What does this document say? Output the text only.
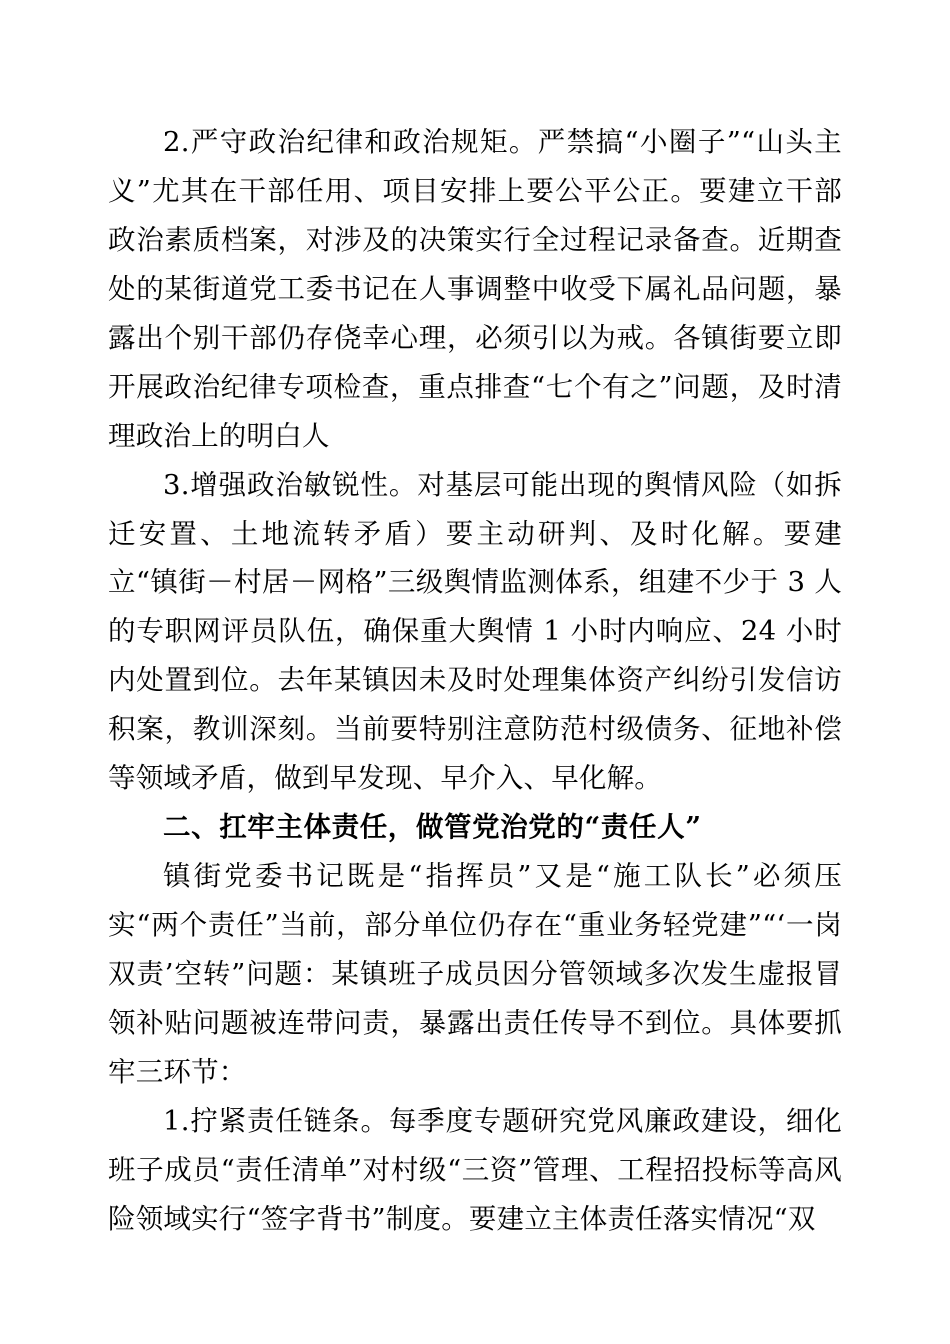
2.严守政治纪律和政治规矩。严禁搞“小圈子”“山头主义”尤其在干部任用、项目安排上要公平公正。要建立干部政治素质档案，对涉及的决策实行全过程记录备查。近期查处的某街道党工委书记在人事调整中收受下属礼品问题，暴露出个别干部仍存侥幸心理，必须引以为戒。各镇街要立即开展政治纪律专项检查，重点排查“七个有之”问题，及时清理政治上的明白人

3.增强政治敏锐性。对基层可能出现的舆情风险（如拆迁安置、土地流转矛盾）要主动研判、及时化解。要建立“镇街－村居－网格”三级舆情监测体系，组建不少于 3 人的专职网评员队伍，确保重大舆情 1 小时内响应、24 小时内处置到位。去年某镇因未及时处理集体资产纠纷引发信访积案，教训深刻。当前要特别注意防范村级债务、征地补偿等领域矛盾，做到早发现、早介入、早化解。

二、扛牢主体责任，做管党治党的“责任人”

镇街党委书记既是“指挥员”又是“施工队长”必须压实“两个责任”当前，部分单位仍存在“重业务轻党建”“‘一岗双责’空转”问题：某镇班子成员因分管领域多次发生虚报冒领补贴问题被连带问责，暴露出责任传导不到位。具体要抓牢三环节：

1.拧紧责任链条。每季度专题研究党风廉政建设，细化班子成员“责任清单”对村级“三资”管理、工程招投标等高风险领域实行“签字背书”制度。要建立主体责任落实情况“双
